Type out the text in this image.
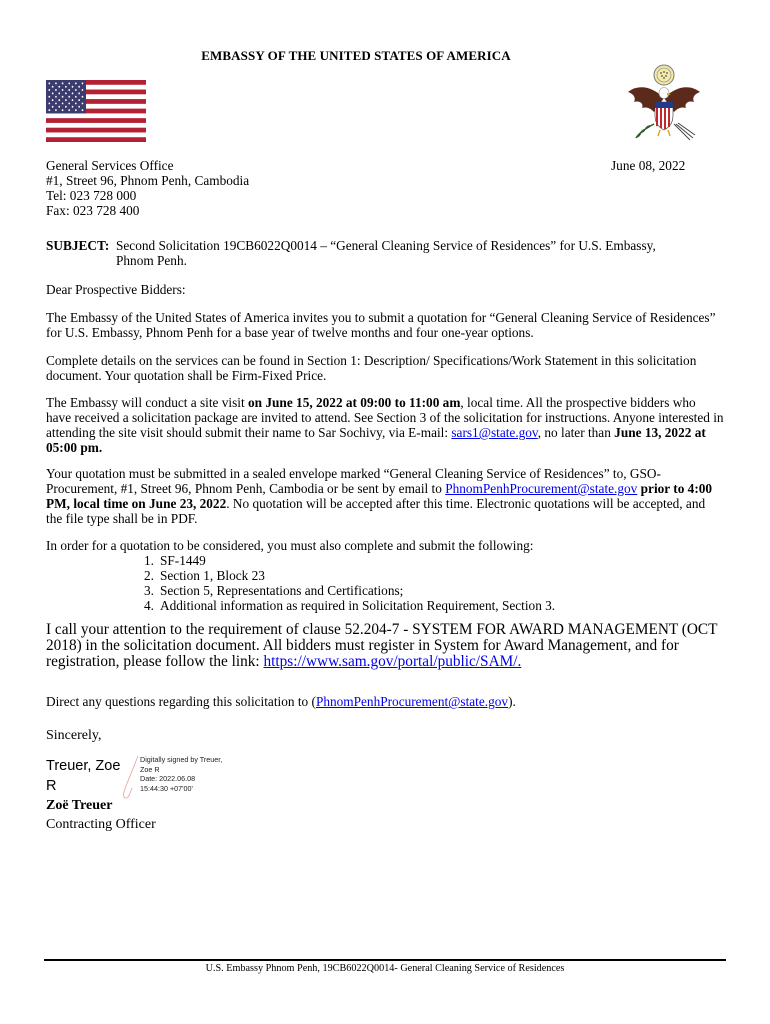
EMBASSY OF THE UNITED STATES OF AMERICA
General Services Office
#1, Street 96, Phnom Penh, Cambodia
Tel: 023 728 000
Fax: 023 728 400
June 08, 2022
SUBJECT: Second Solicitation 19CB6022Q0014 – “General Cleaning Service of Residences” for U.S. Embassy,
Phnom Penh.

Dear Prospective Bidders:

The Embassy of the United States of America invites you to submit a quotation for “General Cleaning Service of Residences” for U.S. Embassy, Phnom Penh for a base year of twelve months and four one-year options.

Complete details on the services can be found in Section 1: Description/ Specifications/Work Statement in this solicitation document. Your quotation shall be Firm-Fixed Price.

The Embassy will conduct a site visit on June 15, 2022 at 09:00 to 11:00 am, local time. All the prospective bidders who have received a solicitation package are invited to attend. See Section 3 of the solicitation for instructions. Anyone interested in attending the site visit should submit their name to Sar Sochivy, via E-mail: sars1@state.gov, no later than June 13, 2022 at 05:00 pm.

Your quotation must be submitted in a sealed envelope marked “General Cleaning Service of Residences” to, GSO-Procurement, #1, Street 96, Phnom Penh, Cambodia or be sent by email to PhnomPenhProcurement@state.gov prior to 4:00 PM, local time on June 23, 2022. No quotation will be accepted after this time. Electronic quotations will be accepted, and the file type shall be in PDF.

In order for a quotation to be considered, you must also complete and submit the following:

1. SF-1449
2. Section 1, Block 23
3. Section 5, Representations and Certifications;
4. Additional information as required in Solicitation Requirement, Section 3.

I call your attention to the requirement of clause 52.204-7 - SYSTEM FOR AWARD MANAGEMENT (OCT 2018) in the solicitation document. All bidders must register in System for Award Management, and for registration, please follow the link: https://www.sam.gov/portal/public/SAM/.

Direct any questions regarding this solicitation to (PhnomPenhProcurement@state.gov).

Sincerely,

Treuer, Zoe
R
Digitally signed by Treuer,
Zoe R
Date: 2022.06.08
15:44:30 +07'00'

Zoë Treuer

Contracting Officer

U.S. Embassy Phnom Penh, 19CB6022Q0014- General Cleaning Service of Residences
